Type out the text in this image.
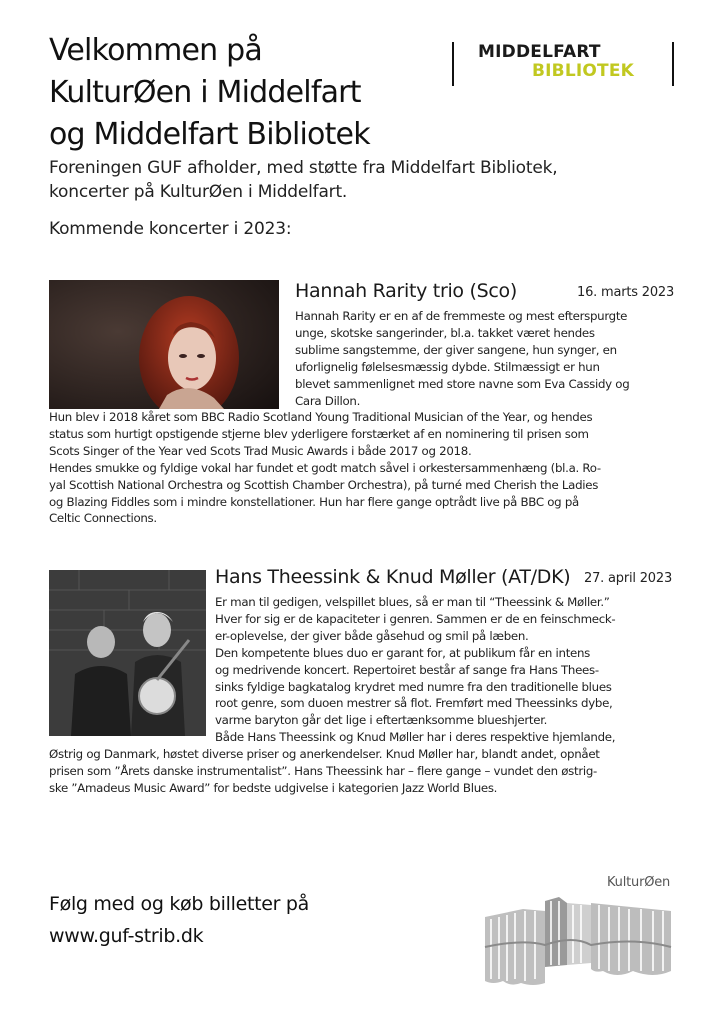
Velkommen på
KulturØen i Middelfart
og Middelfart Bibliotek
MIDDELFART
BIBLIOTEK
Foreningen GUF afholder, med støtte fra Middelfart Bibliotek,
koncerter på KulturØen i Middelfart.
Kommende koncerter i 2023:
Hannah Rarity trio (Sco)	16. marts 2023
Hannah Rarity er en af de fremmeste og mest efterspurgte
unge, skotske sangerinder, bl.a. takket været hendes
sublime sangstemme, der giver sangene, hun synger, en
uforlignelig følelsesmæssig dybde. Stilmæssigt er hun
blevet sammenlignet med store navne som Eva Cassidy og
Cara Dillon.
Hun blev i 2018 kåret som BBC Radio Scotland Young Traditional Musician of the Year, og hendes
status som hurtigt opstigende stjerne blev yderligere forstærket af en nominering til prisen som
Scots Singer of the Year ved Scots Trad Music Awards i både 2017 og 2018.
Hendes smukke og fyldige vokal har fundet et godt match såvel i orkestersammenhæng (bl.a. Ro-
yal Scottish National Orchestra og Scottish Chamber Orchestra), på turné med Cherish the Ladies
og Blazing Fiddles som i mindre konstellationer. Hun har flere gange optrådt live på BBC og på
Celtic Connections.
Hans Theessink & Knud Møller (AT/DK) 27. april 2023
Er man til gedigen, velspillet blues, så er man til “Theessink & Møller.”
Hver for sig er de kapaciteter i genren. Sammen er de en feinschmeck-
er-oplevelse, der giver både gåsehud og smil på læben.
Den kompetente blues duo er garant for, at publikum får en intens
og medrivende koncert. Repertoiret består af sange fra Hans Thees-
sinks fyldige bagkatalog krydret med numre fra den traditionelle blues
root genre, som duoen mestrer så flot. Fremført med Theessinks dybe,
varme baryton går det lige i eftertænksomme blueshjerter.
Både Hans Theessink og Knud Møller har i deres respektive hjemlande,
Østrig og Danmark, høstet diverse priser og anerkendelser. Knud Møller har, blandt andet, opnået
prisen som ”Årets danske instrumentalist”. Hans Theessink har – flere gange – vundet den østrig-
ske ”Amadeus Music Award” for bedste udgivelse i kategorien Jazz World Blues.
Følg med og køb billetter på
www.guf-strib.dk
KulturØen
